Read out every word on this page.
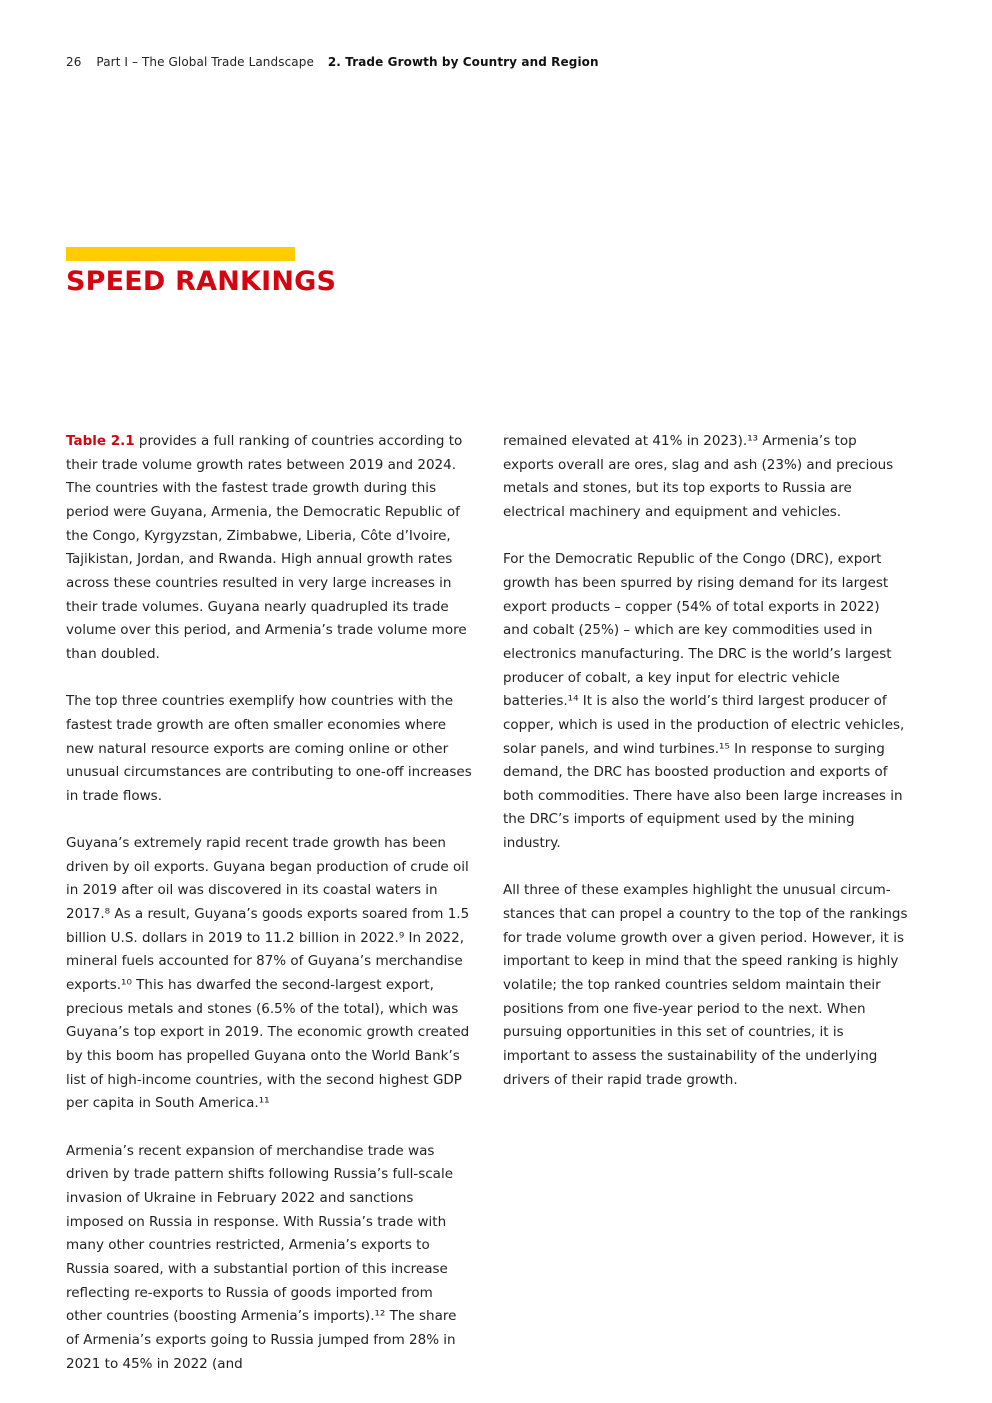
26 Part I – The Global Trade Landscape 2. Trade Growth by Country and Region
SPEED RANKINGS

Table 2.1 provides a full ranking of countries according to their trade volume growth rates between 2019 and 2024. The countries with the fastest trade growth during this period were Guyana, Armenia, the Democratic Republic of the Congo, Kyrgyzstan, Zimbabwe, Liberia, Côte d’Ivoire, Tajikistan, Jordan, and Rwanda. High annual growth rates across these countries resulted in very large increases in their trade volumes. Guyana nearly quadrupled its trade volume over this period, and Armenia’s trade volume more than doubled.

The top three countries exemplify how countries with the fastest trade growth are often smaller economies where new natural resource exports are coming online or other unusual circumstances are contributing to one-off increases in trade flows.

Guyana’s extremely rapid recent trade growth has been driven by oil exports. Guyana began production of crude oil in 2019 after oil was discovered in its coastal waters in 2017.⁸ As a result, Guyana’s goods exports soared from 1.5 billion U.S. dollars in 2019 to 11.2 billion in 2022.⁹ In 2022, mineral fuels accounted for 87% of Guyana’s merchandise exports.¹⁰ This has dwarfed the second-largest export, precious metals and stones (6.5% of the total), which was Guyana’s top export in 2019. The economic growth created by this boom has propelled Guyana onto the World Bank’s list of high-income countries, with the second highest GDP per capita in South America.¹¹

Armenia’s recent expansion of merchandise trade was driven by trade pattern shifts following Russia’s full-scale invasion of Ukraine in February 2022 and sanctions imposed on Russia in response. With Russia’s trade with many other countries restricted, Armenia’s exports to Russia soared, with a substantial portion of this increase reflecting re-exports to Russia of goods imported from other countries (boosting Armenia’s imports).¹² The share of Armenia’s exports going to Russia jumped from 28% in 2021 to 45% in 2022 (and

remained elevated at 41% in 2023).¹³ Armenia’s top exports overall are ores, slag and ash (23%) and precious metals and stones, but its top exports to Russia are electrical machinery and equipment and vehicles.

For the Democratic Republic of the Congo (DRC), export growth has been spurred by rising demand for its largest export products – copper (54% of total exports in 2022) and cobalt (25%) – which are key commodities used in electronics manufacturing. The DRC is the world’s largest producer of cobalt, a key input for electric vehicle batteries.¹⁴ It is also the world’s third largest producer of copper, which is used in the production of electric vehicles, solar panels, and wind turbines.¹⁵ In response to surging demand, the DRC has boosted production and exports of both commodities. There have also been large increases in the DRC’s imports of equipment used by the mining industry.

All three of these examples highlight the unusual circumstances that can propel a country to the top of the rankings for trade volume growth over a given period. However, it is important to keep in mind that the speed ranking is highly volatile; the top ranked countries seldom maintain their positions from one five-year period to the next. When pursuing opportunities in this set of countries, it is important to assess the sustainability of the underlying drivers of their rapid trade growth.
